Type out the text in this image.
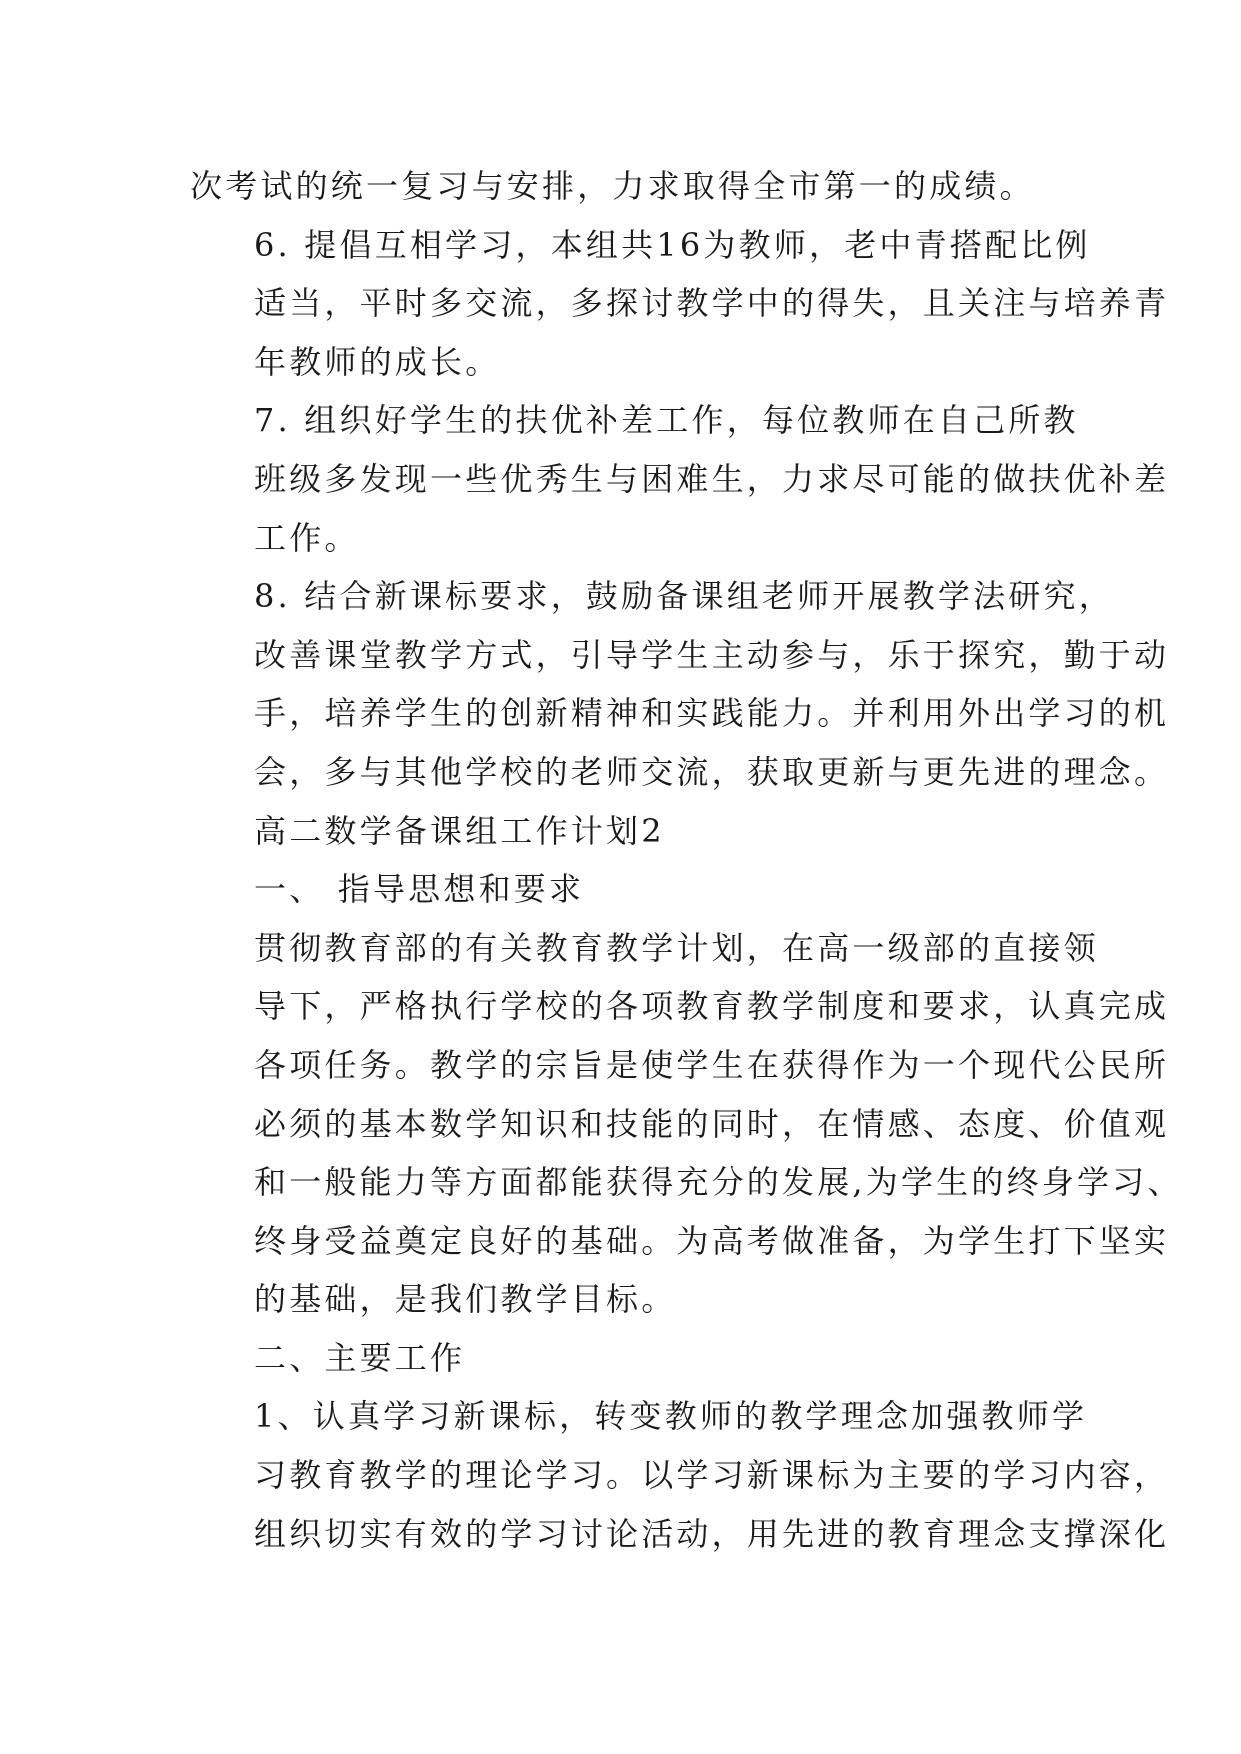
次考试的统一复习与安排，力求取得全市第一的成绩。

6. 提倡互相学习，本组共16为教师，老中青搭配比例
适当，平时多交流，多探讨教学中的得失，且关注与培养青
年教师的成长。

7. 组织好学生的扶优补差工作，每位教师在自己所教
班级多发现一些优秀生与困难生，力求尽可能的做扶优补差
工作。

8. 结合新课标要求，鼓励备课组老师开展教学法研究，
改善课堂教学方式，引导学生主动参与，乐于探究，勤于动
手，培养学生的创新精神和实践能力。并利用外出学习的机
会，多与其他学校的老师交流，获取更新与更先进的理念。

高二数学备课组工作计划2

一、 指导思想和要求

贯彻教育部的有关教育教学计划，在高一级部的直接领
导下，严格执行学校的各项教育教学制度和要求，认真完成
各项任务。教学的宗旨是使学生在获得作为一个现代公民所
必须的基本数学知识和技能的同时，在情感、态度、价值观
和一般能力等方面都能获得充分的发展,为学生的终身学习、
终身受益奠定良好的基础。为高考做准备，为学生打下坚实
的基础，是我们教学目标。

二、主要工作

1、认真学习新课标，转变教师的教学理念加强教师学
习教育教学的理论学习。以学习新课标为主要的学习内容，
组织切实有效的学习讨论活动，用先进的教育理念支撑深化
